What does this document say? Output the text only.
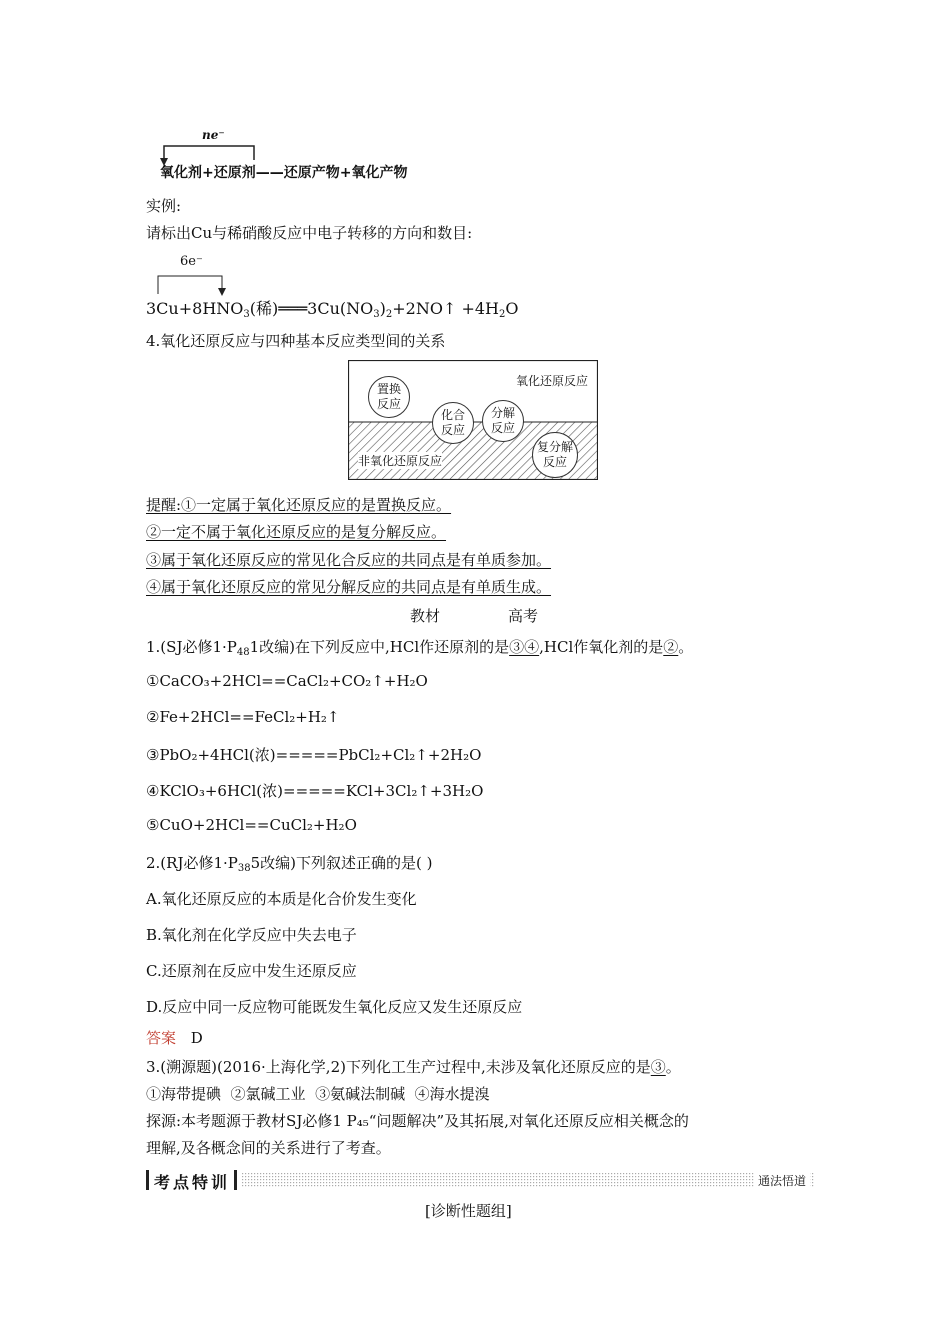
ne⁻
氧化剂+还原剂——还原产物+氧化产物
实例:
请标出Cu与稀硝酸反应中电子转移的方向和数目:
6e⁻
$3Cu+8HNO_3$(稀)$═══3Cu(NO_3)_2+2NO↑ +4H_2O$
4.氧化还原反应与四种基本反应类型间的关系
氧化还原反应
非氧化还原反应
置换
反应
化合
反应
分解
反应
复分解
反应
提醒:①一定属于氧化还原反应的是置换反应。
②一定不属于氧化还原反应的是复分解反应。
③属于氧化还原反应的常见化合反应的共同点是有单质参加。
④属于氧化还原反应的常见分解反应的共同点是有单质生成。
教材	高考
1.(SJ必修$1\cdot P_{48}1$改编)在下列反应中,HCl作还原剂的是③④,HCl作氧化剂的是②。
①CaCO₃+2HCl==CaCl₂+CO₂↑+H₂O
②Fe+2HCl==FeCl₂+H₂↑
③PbO₂+4HCl(浓)=====PbCl₂+Cl₂↑+2H₂O
④KClO₃+6HCl(浓)=====KCl+3Cl₂↑+3H₂O
⑤CuO+2HCl==CuCl₂+H₂O
2.(RJ必修$1\cdot P_{38}5$改编)下列叙述正确的是( )
A.氧化还原反应的本质是化合价发生变化
B.氧化剂在化学反应中失去电子
C.还原剂在反应中发生还原反应
D.反应中同一反应物可能既发生氧化反应又发生还原反应
答案 D
3.(溯源题)(2016·上海化学,2)下列化工生产过程中,未涉及氧化还原反应的是③。
①海带提碘  ②氯碱工业  ③氨碱法制碱  ④海水提溴
探源:本考题源于教材SJ必修1 P₄₅“问题解决”及其拓展,对氧化还原反应相关概念的
理解,及各概念间的关系进行了考查。
考点特训	通法悟道
[诊断性题组]
